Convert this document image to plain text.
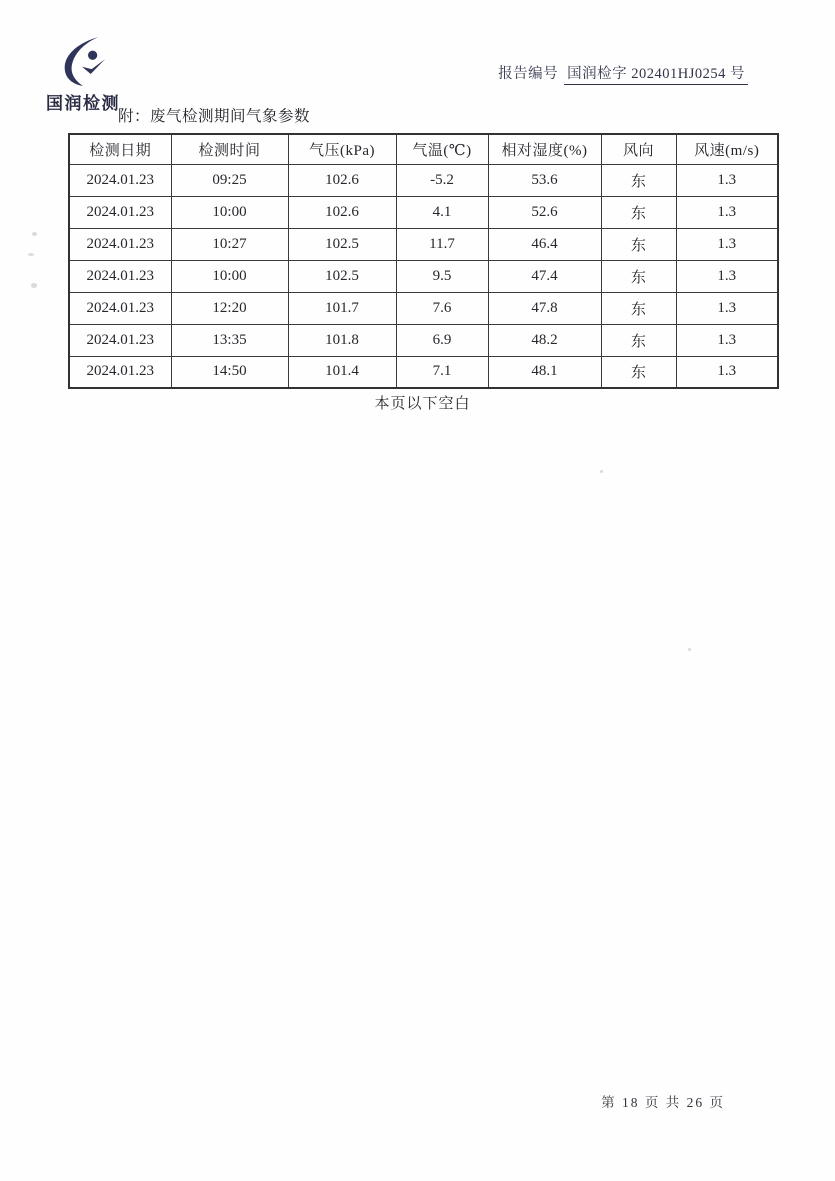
国润检测
报告编号 国润检字 202401HJ0254 号
附：废气检测期间气象参数
检测日期	检测时间	气压(kPa)	气温(℃)	相对湿度(%)	风向	风速(m/s)
2024.01.23	09:25	102.6	-5.2	53.6	东	1.3
2024.01.23	10:00	102.6	4.1	52.6	东	1.3
2024.01.23	10:27	102.5	11.7	46.4	东	1.3
2024.01.23	10:00	102.5	9.5	47.4	东	1.3
2024.01.23	12:20	101.7	7.6	47.8	东	1.3
2024.01.23	13:35	101.8	6.9	48.2	东	1.3
2024.01.23	14:50	101.4	7.1	48.1	东	1.3
本页以下空白
第 18 页 共 26 页
